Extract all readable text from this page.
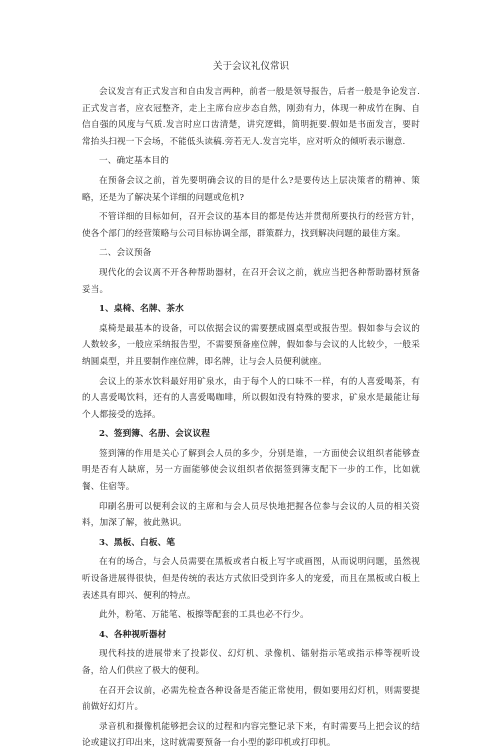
关于会议礼仪常识

会议发言有正式发言和自由发言两种，前者一般是领导报告，后者一般是争论发言.正式发言者，应衣冠整齐，走上主席台应步态自然，刚劲有力，体现一种成竹在胸、自信自强的风度与气质.发言时应口齿清楚，讲究逻辑，简明扼要.假如是书面发言，要时常抬头扫视一下会场，不能低头读稿.旁若无人.发言完毕，应对听众的倾听表示谢意.

一、确定基本目的

在预备会议之前，首先要明确会议的目的是什么?是要传达上层决策者的精神、策略，还是为了解决某个详细的问题或危机?

不管详细的目标如何，召开会议的基本目的都是传达并贯彻所要执行的经营方针，使各个部门的经营策略与公司目标协调全部，群策群力，找到解决问题的最佳方案。

二、会议预备

现代化的会议离不开各种帮助器材，在召开会议之前，就应当把各种帮助器材预备妥当。

1、桌椅、名牌、茶水

桌椅是最基本的设备，可以依据会议的需要摆成圆桌型或报告型。假如参与会议的人数较多，一般应采纳报告型，不需要预备座位牌，假如参与会议的人比较少，一般采纳圆桌型，并且要制作座位牌，即名牌，让与会人员便利就座。

会议上的茶水饮料最好用矿泉水，由于每个人的口味不一样，有的人喜爱喝茶，有的人喜爱喝饮料，还有的人喜爱喝咖啡，所以假如没有特殊的要求，矿泉水是最能让每个人都接受的选择。

2、签到簿、名册、会议议程

签到簿的作用是关心了解到会人员的多少，分别是谁，一方面使会议组织者能够查明是否有人缺席，另一方面能够使会议组织者依据签到簿支配下一步的工作，比如就餐、住宿等。

印刷名册可以便利会议的主席和与会人员尽快地把握各位参与会议的人员的相关资料，加深了解，彼此熟识。

3、黑板、白板、笔

在有的场合，与会人员需要在黑板或者白板上写字或画图，从而说明问题，虽然视听设备进展得很快，但是传统的表达方式依旧受到许多人的宠爱，而且在黑板或白板上表述具有即兴、便利的特点。

此外，粉笔、万能笔、板擦等配套的工具也必不行少。

4、各种视听器材

现代科技的进展带来了投影仪、幻灯机、录像机、镭射指示笔或指示棒等视听设备，给人们供应了极大的便利。

在召开会议前，必需先检查各种设备是否能正常使用，假如要用幻灯机，则需要提前做好幻灯片。

录音机和摄像机能够把会议的过程和内容完整记录下来，有时需要马上把会议的结论或建议打印出来，这时就需要预备一台小型的影印机或打印机。
